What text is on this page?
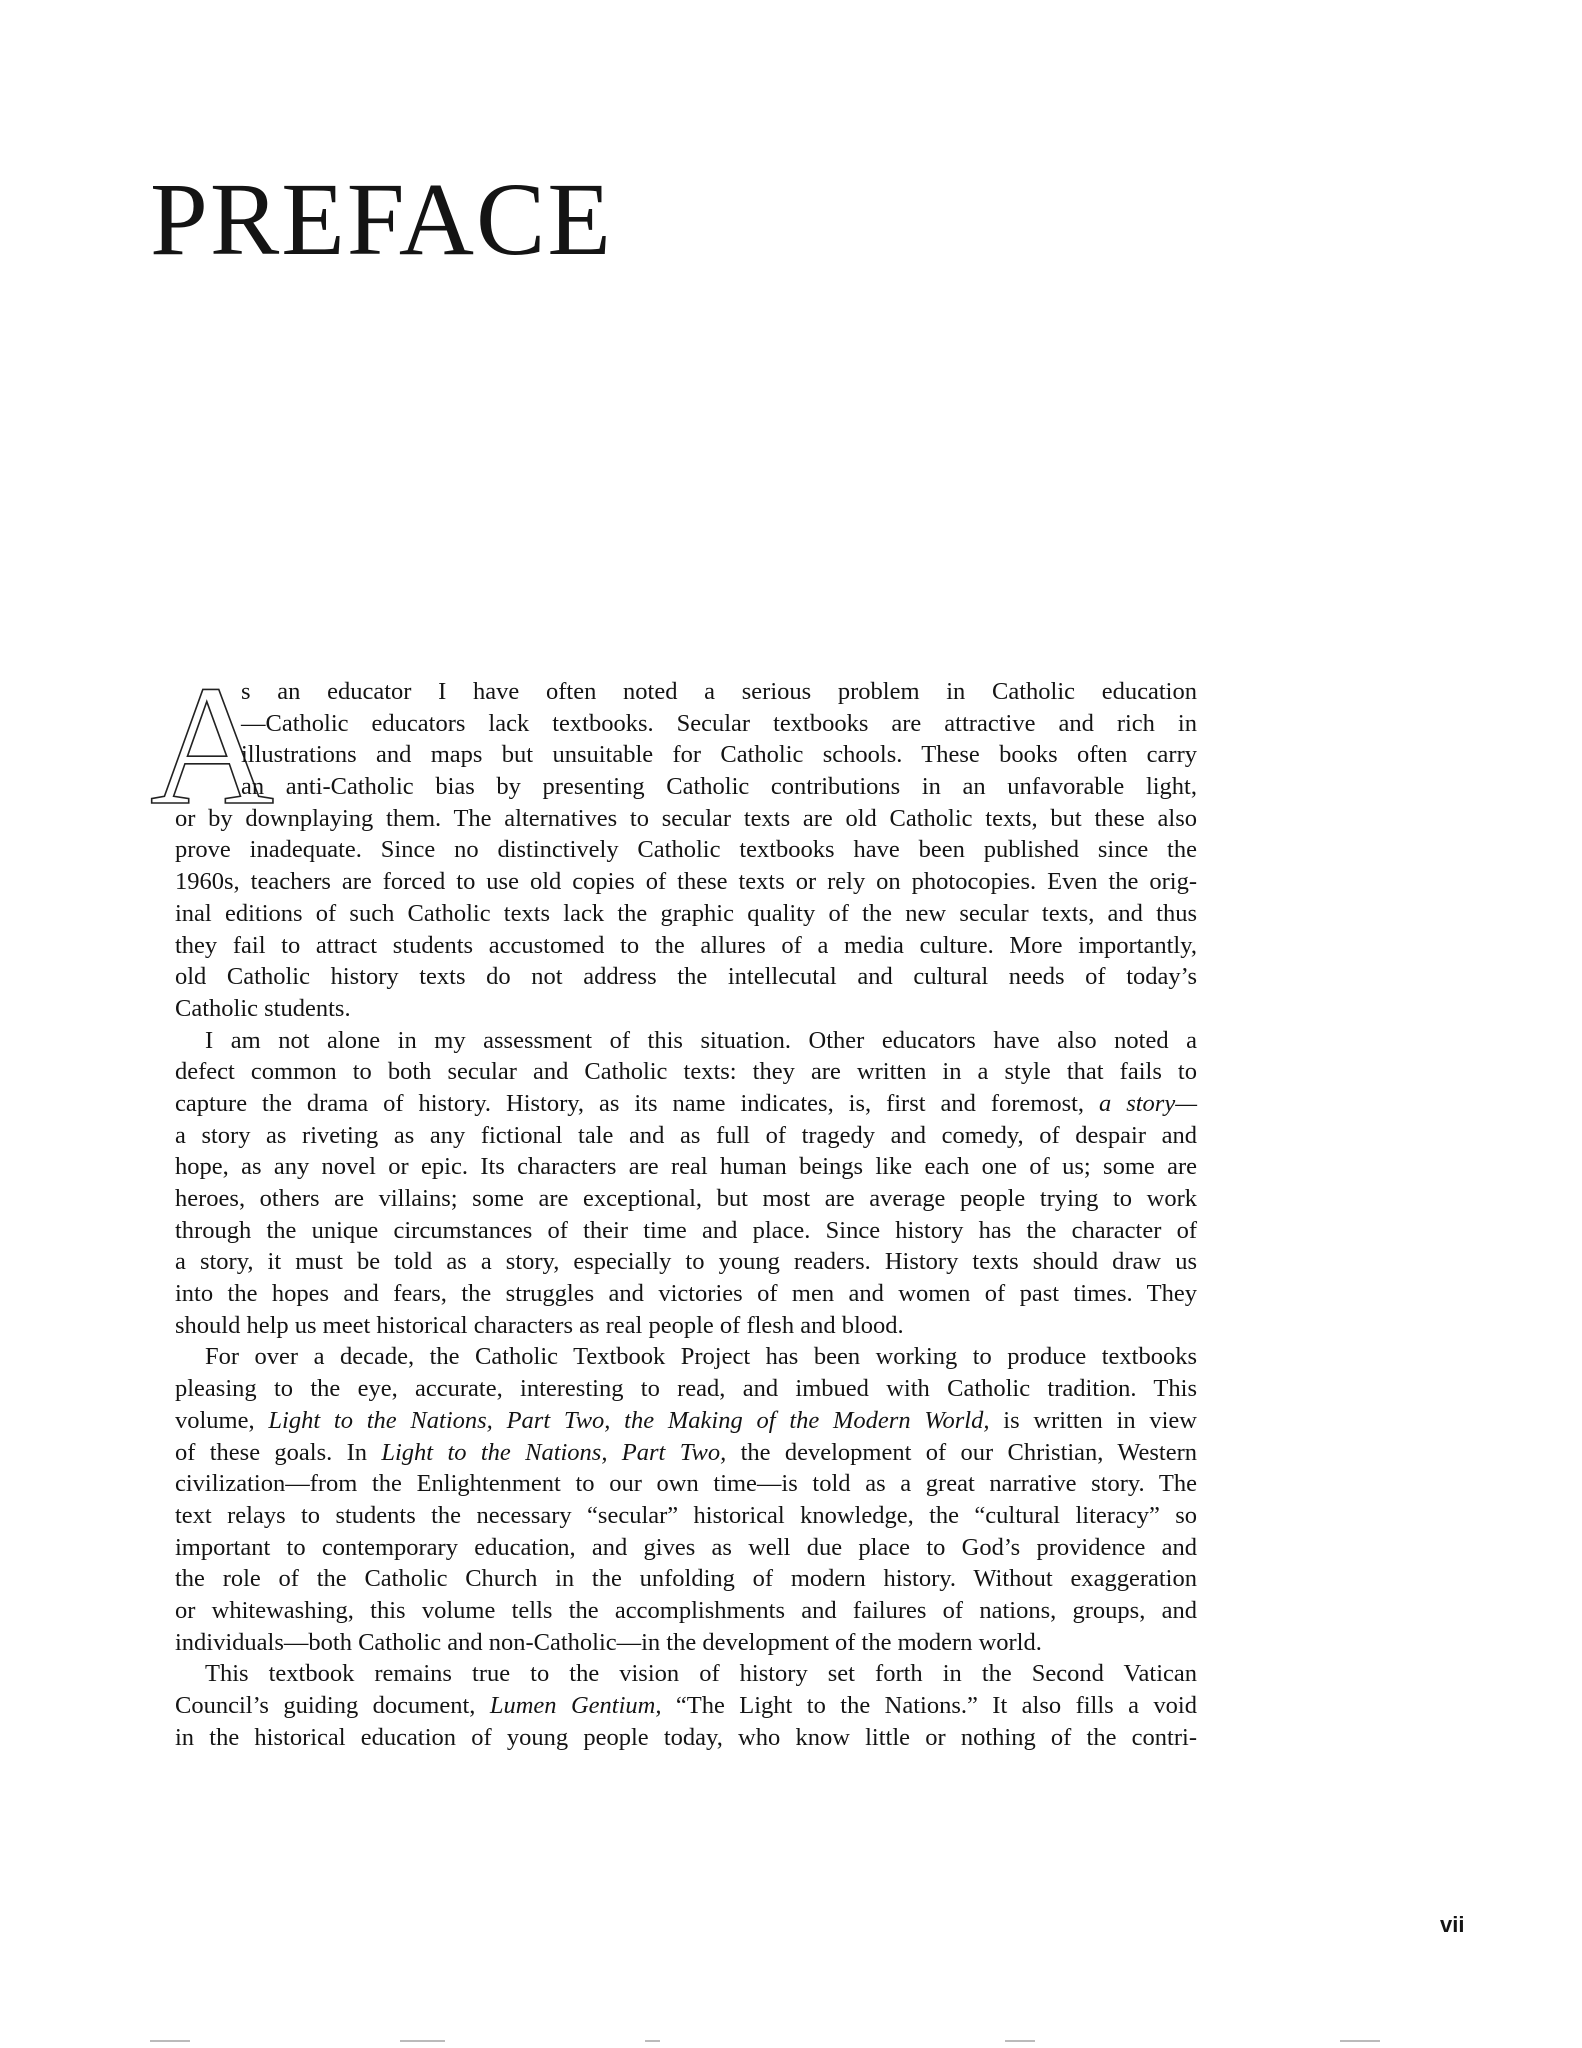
PREFACE
A
s an educator I have often noted a serious problem in Catholic education
—Catholic educators lack textbooks. Secular textbooks are attractive and rich in
illustrations and maps but unsuitable for Catholic schools. These books often carry
an anti-Catholic bias by presenting Catholic contributions in an unfavorable light,
or by downplaying them. The alternatives to secular texts are old Catholic texts, but these also
prove inadequate. Since no distinctively Catholic textbooks have been published since the
1960s, teachers are forced to use old copies of these texts or rely on photocopies. Even the orig-
inal editions of such Catholic texts lack the graphic quality of the new secular texts, and thus
they fail to attract students accustomed to the allures of a media culture. More importantly,
old Catholic history texts do not address the intellecutal and cultural needs of today’s
Catholic students.
I am not alone in my assessment of this situation. Other educators have also noted a
defect common to both secular and Catholic texts: they are written in a style that fails to
capture the drama of history. History, as its name indicates, is, first and foremost, a story—
a story as riveting as any fictional tale and as full of tragedy and comedy, of despair and
hope, as any novel or epic. Its characters are real human beings like each one of us; some are
heroes, others are villains; some are exceptional, but most are average people trying to work
through the unique circumstances of their time and place. Since history has the character of
a story, it must be told as a story, especially to young readers. History texts should draw us
into the hopes and fears, the struggles and victories of men and women of past times. They
should help us meet historical characters as real people of flesh and blood.
For over a decade, the Catholic Textbook Project has been working to produce textbooks
pleasing to the eye, accurate, interesting to read, and imbued with Catholic tradition. This
volume, Light to the Nations, Part Two, the Making of the Modern World, is written in view
of these goals. In Light to the Nations, Part Two, the development of our Christian, Western
civilization—from the Enlightenment to our own time—is told as a great narrative story. The
text relays to students the necessary “secular” historical knowledge, the “cultural literacy” so
important to contemporary education, and gives as well due place to God’s providence and
the role of the Catholic Church in the unfolding of modern history. Without exaggeration
or whitewashing, this volume tells the accomplishments and failures of nations, groups, and
individuals—both Catholic and non-Catholic—in the development of the modern world.
This textbook remains true to the vision of history set forth in the Second Vatican
Council’s guiding document, Lumen Gentium, “The Light to the Nations.” It also fills a void
in the historical education of young people today, who know little or nothing of the contri-
vii
